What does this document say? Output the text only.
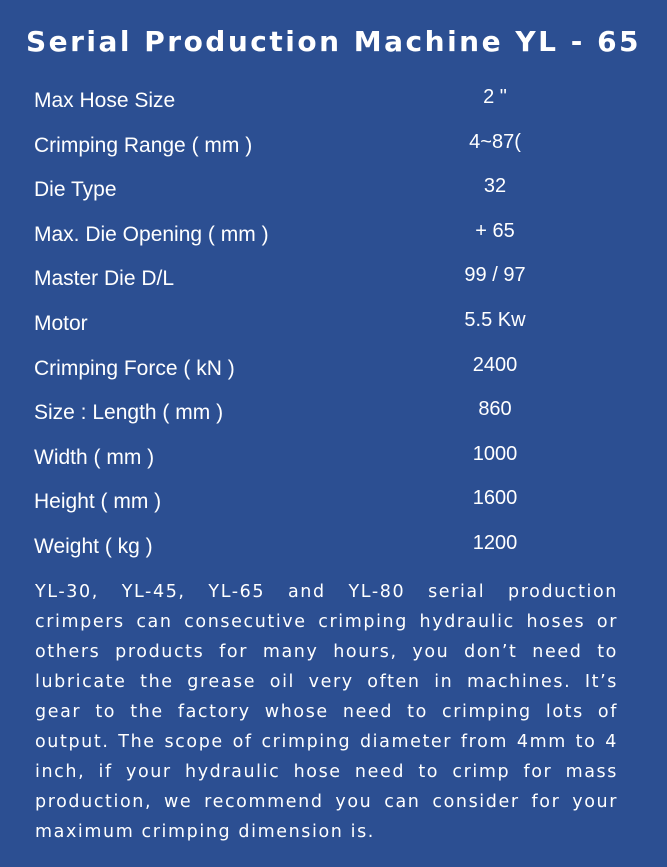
Serial Production Machine YL - 65
Max Hose Size	2 "
Crimping Range ( mm )	4~87(
Die Type	32
Max. Die Opening ( mm )	+ 65
Master Die D/L	99 / 97
Motor	5.5 Kw
Crimping Force ( kN )	2400
Size : Length ( mm )	860
Width ( mm )	1000
Height ( mm )	1600
Weight ( kg )	1200

YL-30, YL-45, YL-65 and YL-80 serial production crimpers can consecutive crimping hydraulic hoses or others products for many hours, you don’t need to lubricate the grease oil very often in machines. It’s gear to the factory whose need to crimping lots of output. The scope of crimping diameter from 4mm to 4 inch, if your hydraulic hose need to crimp for mass production, we recommend you can consider for your maximum crimping dimension is.
